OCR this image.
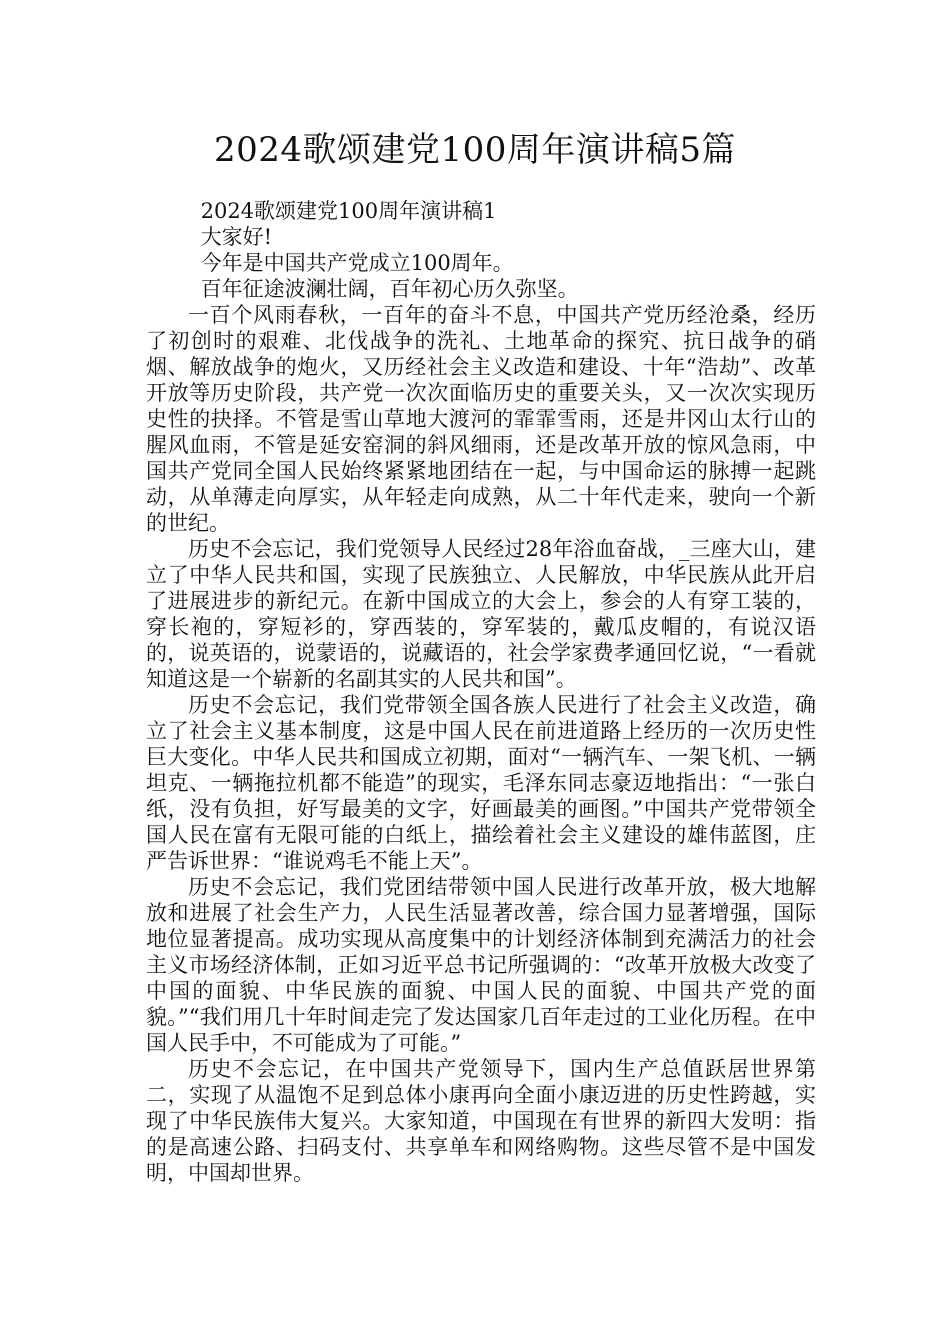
2024歌颂建党100周年演讲稿5篇

2024歌颂建党100周年演讲稿1

大家好!

今年是中国共产党成立100周年。

百年征途波澜壮阔，百年初心历久弥坚。

一百个风雨春秋，一百年的奋斗不息，中国共产党历经沧桑，经历了初创时的艰难、北伐战争的洗礼、土地革命的探究、抗日战争的硝烟、解放战争的炮火，又历经社会主义改造和建设、十年“浩劫”、改革开放等历史阶段，共产党一次次面临历史的重要关头，又一次次实现历史性的抉择。不管是雪山草地大渡河的霏霏雪雨，还是井冈山太行山的腥风血雨，不管是延安窑洞的斜风细雨，还是改革开放的惊风急雨，中国共产党同全国人民始终紧紧地团结在一起，与中国命运的脉搏一起跳动，从单薄走向厚实，从年轻走向成熟，从二十年代走来，驶向一个新的世纪。

历史不会忘记，我们党领导人民经过28年浴血奋战，_三座大山，建立了中华人民共和国，实现了民族独立、人民解放，中华民族从此开启了进展进步的新纪元。在新中国成立的大会上，参会的人有穿工装的，穿长袍的，穿短衫的，穿西装的，穿军装的，戴瓜皮帽的，有说汉语的，说英语的，说蒙语的，说藏语的，社会学家费孝通回忆说，“一看就知道这是一个崭新的名副其实的人民共和国”。

历史不会忘记，我们党带领全国各族人民进行了社会主义改造，确立了社会主义基本制度，这是中国人民在前进道路上经历的一次历史性巨大变化。中华人民共和国成立初期，面对“一辆汽车、一架飞机、一辆坦克、一辆拖拉机都不能造”的现实，毛泽东同志豪迈地指出：“一张白纸，没有负担，好写最美的文字，好画最美的画图。”中国共产党带领全国人民在富有无限可能的白纸上，描绘着社会主义建设的雄伟蓝图，庄严告诉世界：“谁说鸡毛不能上天”。

历史不会忘记，我们党团结带领中国人民进行改革开放，极大地解放和进展了社会生产力，人民生活显著改善，综合国力显著增强，国际地位显著提高。成功实现从高度集中的计划经济体制到充满活力的社会主义市场经济体制，正如习近平总书记所强调的：“改革开放极大改变了中国的面貌、中华民族的面貌、中国人民的面貌、中国共产党的面貌。”“我们用几十年时间走完了发达国家几百年走过的工业化历程。在中国人民手中，不可能成为了可能。”

历史不会忘记，在中国共产党领导下，国内生产总值跃居世界第二，实现了从温饱不足到总体小康再向全面小康迈进的历史性跨越，实现了中华民族伟大复兴。大家知道，中国现在有世界的新四大发明：指的是高速公路、扫码支付、共享单车和网络购物。这些尽管不是中国发明，中国却世界。
